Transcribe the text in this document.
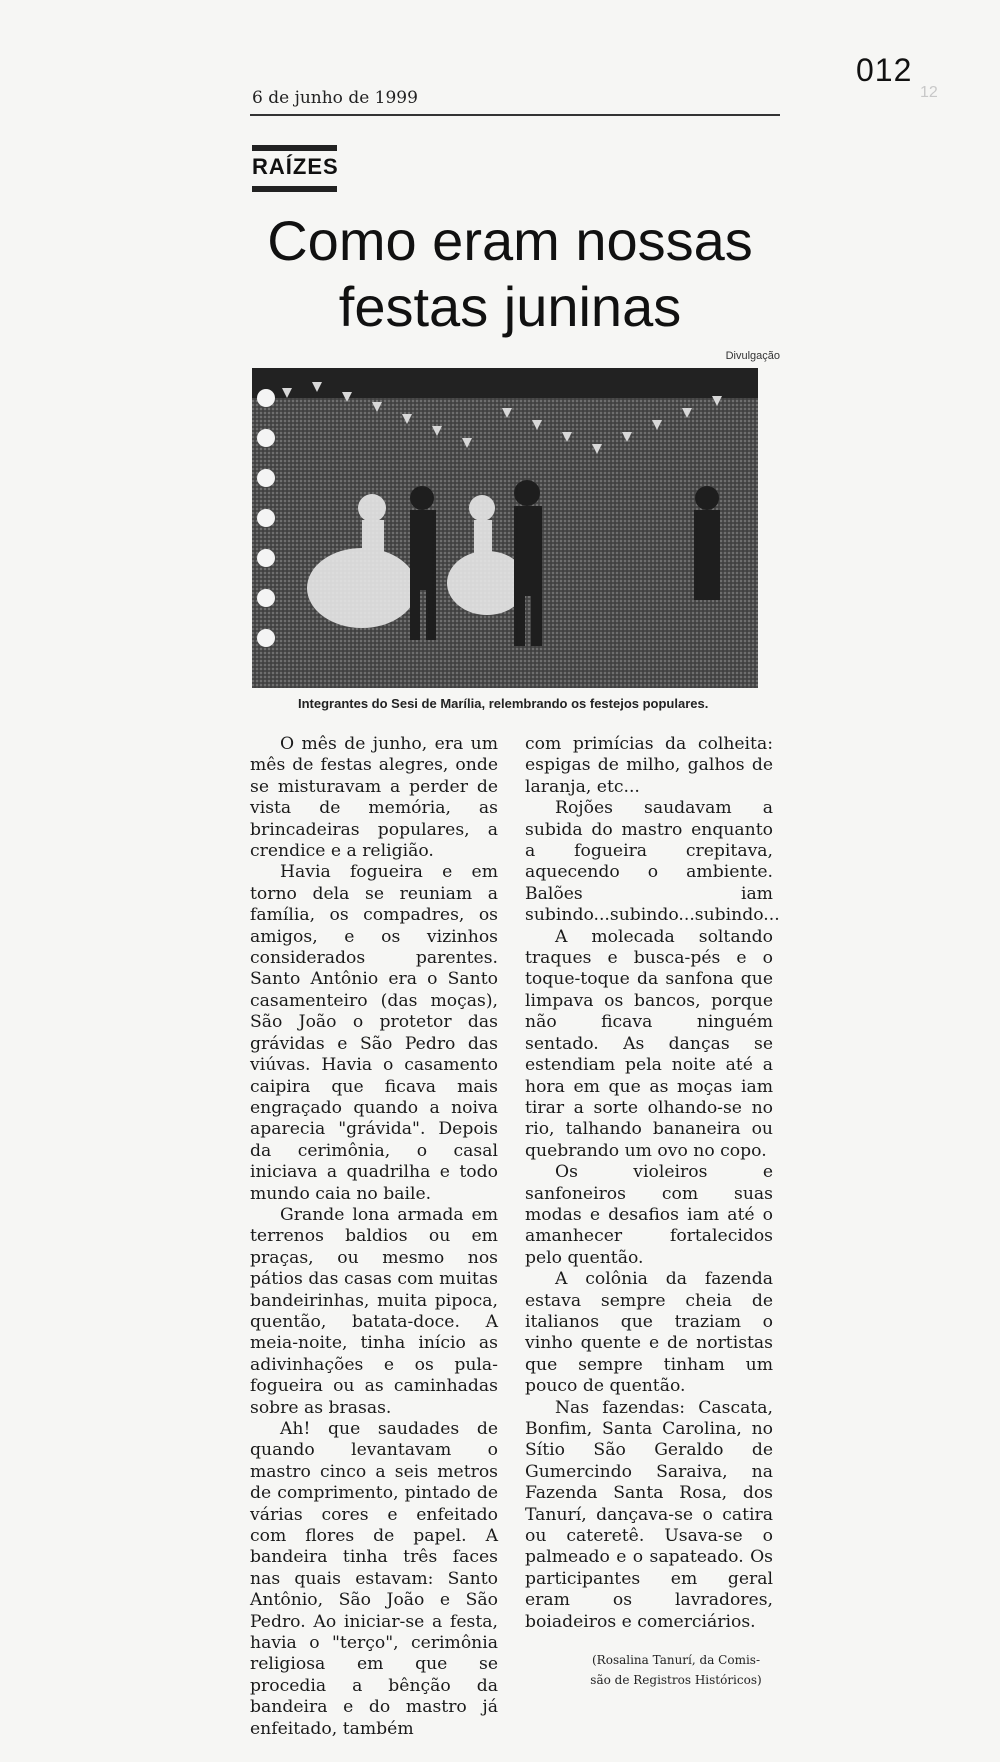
012
12
6 de junho de 1999
RAÍZES
Como eram nossas
festas juninas
Divulgação
Integrantes do Sesi de Marília, relembrando os festejos populares.

O mês de junho, era um mês de festas alegres, onde se misturavam a perder de vista de memória, as brincadeiras populares, a crendice e a religião.

Havia fogueira e em torno dela se reuniam a família, os compadres, os amigos, e os vizinhos considerados parentes. Santo Antônio era o Santo casamenteiro (das moças), São João o protetor das grávidas e São Pedro das viúvas. Havia o casamento caipira que ficava mais engraçado quando a noiva aparecia "grávida". Depois da cerimônia, o casal iniciava a quadrilha e todo mundo caia no baile.

Grande lona armada em terrenos baldios ou em praças, ou mesmo nos pátios das casas com muitas bandeirinhas, muita pipoca, quentão, batata-doce. A meia-noite, tinha início as adivinhações e os pula-fogueira ou as caminhadas sobre as brasas.

Ah! que saudades de quando levantavam o mastro cinco a seis metros de comprimento, pintado de várias cores e enfeitado com flores de papel. A bandeira tinha três faces nas quais estavam: Santo Antônio, São João e São Pedro. Ao iniciar-se a festa, havia o "terço", cerimônia religiosa em que se procedia a bênção da bandeira e do mastro já enfeitado, também

com primícias da colheita: espigas de milho, galhos de laranja, etc...

Rojões saudavam a subida do mastro enquanto a fogueira crepitava, aquecendo o ambiente. Balões iam subindo...subindo...subindo...

A molecada soltando traques e busca-pés e o toque-toque da sanfona que limpava os bancos, porque não ficava ninguém sentado. As danças se estendiam pela noite até a hora em que as moças iam tirar a sorte olhando-se no rio, talhando bananeira ou quebrando um ovo no copo.

Os violeiros e sanfoneiros com suas modas e desafios iam até o amanhecer fortalecidos pelo quentão.

A colônia da fazenda estava sempre cheia de italianos que traziam o vinho quente e de nortistas que sempre tinham um pouco de quentão.

Nas fazendas: Cascata, Bonfim, Santa Carolina, no Sítio São Geraldo de Gumercindo Saraiva, na Fazenda Santa Rosa, dos Tanurí, dançava-se o catira ou cateretê. Usava-se o palmeado e o sapateado. Os participantes em geral eram os lavradores, boiadeiros e comerciários.

(Rosalina Tanurí, da Comis-
são de Registros Históricos)
